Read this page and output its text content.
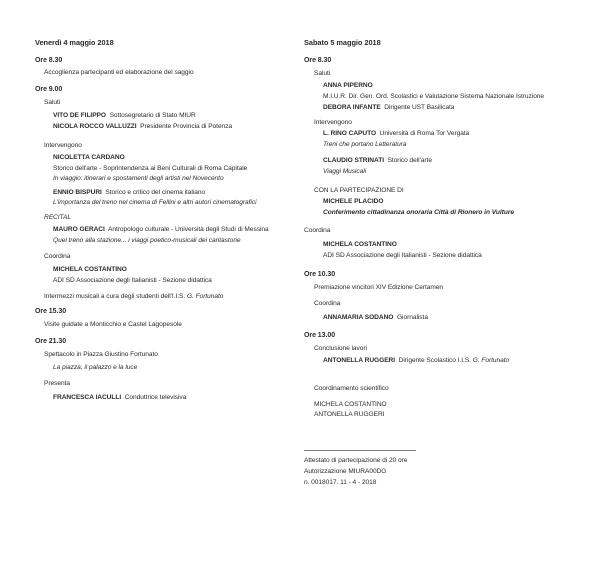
Venerdì 4 maggio 2018
Ore 8.30
Accoglienza partecipanti ed elaborazione del saggio
Ore 9.00
Saluti
VITO DE FILIPPO Sottosegretario di Stato MIUR
NICOLA ROCCO VALLUZZI Presidente Provincia di Potenza
Intervengono
NICOLETTA CARDANO
Storico dell'arte - Soprintendenza ai Beni Culturali di Roma Capitale
In viaggio: itinerari e spostamenti degli artisti nel Novecento
ENNIO BISPURI Storico e critico del cinema italiano
L'importanza del treno nel cinema di Fellini e altri autori cinematografici
RECITAL
MAURO GERACI Antropologo culturale - Università degli Studi di Messina
Quel treno alla stazione... i viaggi poetico-musicali dei cantastorie
Coordina
MICHELA COSTANTINO
ADI SD Associazione degli Italianisti - Sezione didattica
Intermezzi musicali a cura degli studenti dell'I.I.S. G. Fortunato
Ore 15.30
Visite guidate a Monticchio e Castel Lagopesole
Ore 21.30
Spettacolo in Piazza Giustino Fortunato
La piazza, il palazzo e la luce
Presenta
FRANCESCA IACULLI Conduttrice televisiva
Sabato 5 maggio 2018
Ore 8.30
Saluti
ANNA PIPERNO
M.I.U.R. Dir. Gen. Ord. Scolastici e Valutazione Sistema Nazionale Istruzione
DEBORA INFANTE Dirigente UST Basilicata
Intervengono
L. RINO CAPUTO Università di Roma Tor Vergata
Treni che portano Letteratura
CLAUDIO STRINATI Storico dell'arte
Viaggi Musicali
CON LA PARTECIPAZIONE DI
MICHELE PLACIDO
Conferimento cittadinanza onoraria Città di Rionero in Vulture
Coordina
MICHELA COSTANTINO
ADI SD Associazione degli Italianisti - Sezione didattica
Ore 10.30
Premiazione vincitori XIV Edizione Certamen
Coordina
ANNAMARIA SODANO Giornalista
Ore 13.00
Conclusione lavori
ANTONELLA RUGGERI Dirigente Scolastico I.I.S. G. Fortunato
Coordinamento scientifico
MICHELA COSTANTINO
ANTONELLA RUGGERI
Attestato di partecipazione di 20 ore
Autorizzazione MIURA00DG
n. 0018017. 11 - 4 - 2018
